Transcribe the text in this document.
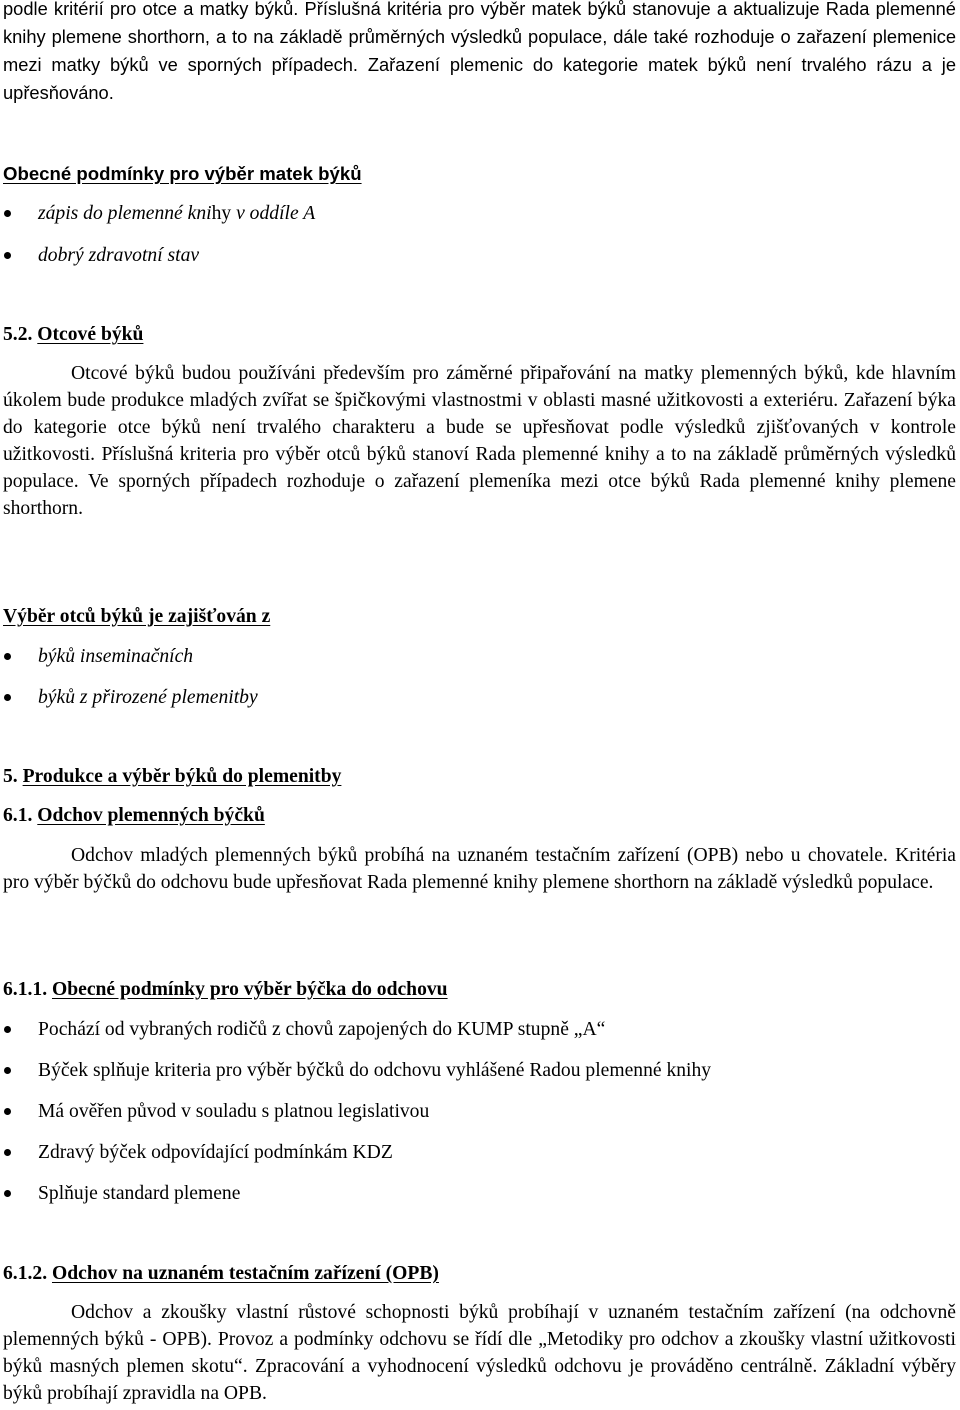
podle kritérií pro otce a matky býků. Příslušná kritéria pro výběr matek býků stanovuje a aktualizuje Rada plemenné knihy plemene shorthorn, a to na základě průměrných výsledků populace, dále také rozhoduje o zařazení plemenice mezi matky býků ve sporných případech. Zařazení plemenic do kategorie matek býků není trvalého rázu a je upřesňováno.

Obecné podmínky pro výběr matek býků

zápis do plemenné knihy v oddíle A
dobrý zdravotní stav

5.2. Otcové býků

Otcové býků budou používáni především pro záměrné připařování na matky plemenných býků, kde hlavním úkolem bude produkce mladých zvířat se špičkovými vlastnostmi v oblasti masné užitkovosti a exteriéru. Zařazení býka do kategorie otce býků není trvalého charakteru a bude se upřesňovat podle výsledků zjišťovaných v kontrole užitkovosti. Příslušná kriteria pro výběr otců býků stanoví Rada plemenné knihy a to na základě průměrných výsledků populace. Ve sporných případech rozhoduje o zařazení plemeníka mezi otce býků Rada plemenné knihy plemene shorthorn.

Výběr otců býků je zajišťován z

býků inseminačních
býků z přirozené plemenitby

5. Produkce a výběr býků do plemenitby

6.1. Odchov plemenných býčků

Odchov mladých plemenných býků probíhá na uznaném testačním zařízení (OPB) nebo u chovatele. Kritéria pro výběr býčků do odchovu bude upřesňovat Rada plemenné knihy plemene shorthorn na základě výsledků populace.

6.1.1. Obecné podmínky pro výběr býčka do odchovu

Pochází od vybraných rodičů z chovů zapojených do KUMP stupně „A“
Býček splňuje kriteria pro výběr býčků do odchovu vyhlášené Radou plemenné knihy
Má ověřen původ v souladu s platnou legislativou
Zdravý býček odpovídající podmínkám KDZ
Splňuje standard plemene

6.1.2. Odchov na uznaném testačním zařízení (OPB)

Odchov a zkoušky vlastní růstové schopnosti býků probíhají v uznaném testačním zařízení (na odchovně plemenných býků - OPB). Provoz a podmínky odchovu se řídí dle „Metodiky pro odchov a zkoušky vlastní užitkovosti býků masných plemen skotu“. Zpracování a vyhodnocení výsledků odchovu je prováděno centrálně. Základní výběry býků probíhají zpravidla na OPB.
